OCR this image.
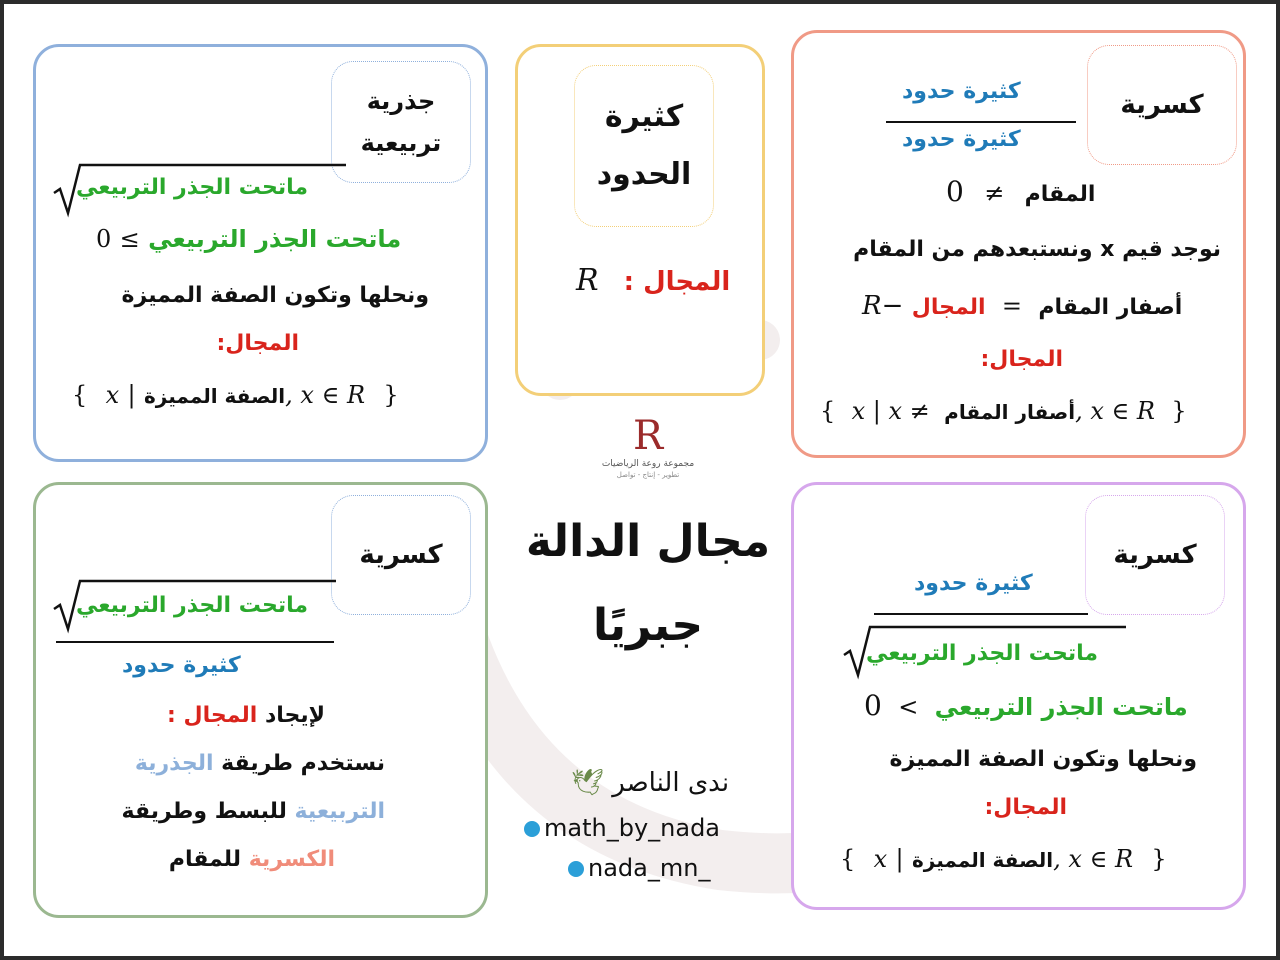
جذرية
تربيعية
ماتحت الجذر التربيعي
ماتحت الجذر التربيعي ≥ 0
ونحلها وتكون الصفة المميزة
المجال:
{ x | الصفة المميزة, x ∈ R }
كثيرة
الحدود
R المجال :
كسرية
كثيرة حدود
كثيرة حدود
0 ≠ المقام
نوجد قيم x ونستبعدهم من المقام
R−	أصفار المقام = المجال
المجال:
{ x | x ≠ أصفار المقام, x ∈ R }
R
مجموعة روعة الرياضيات
تطوير - إنتاج - تواصل
مجال الدالة
جبريًا
ندى الناصر 🕊
math_by_nada
nada_mn_
كسرية
ماتحت الجذر التربيعي
كثيرة حدود
لإيجاد المجال :
نستخدم طريقة الجذرية
التربيعية للبسط وطريقة
الكسرية للمقام
كسرية
كثيرة حدود
ماتحت الجذر التربيعي
ماتحت الجذر التربيعي > 0
ونحلها وتكون الصفة المميزة
المجال:
{ x | الصفة المميزة, x ∈ R }
